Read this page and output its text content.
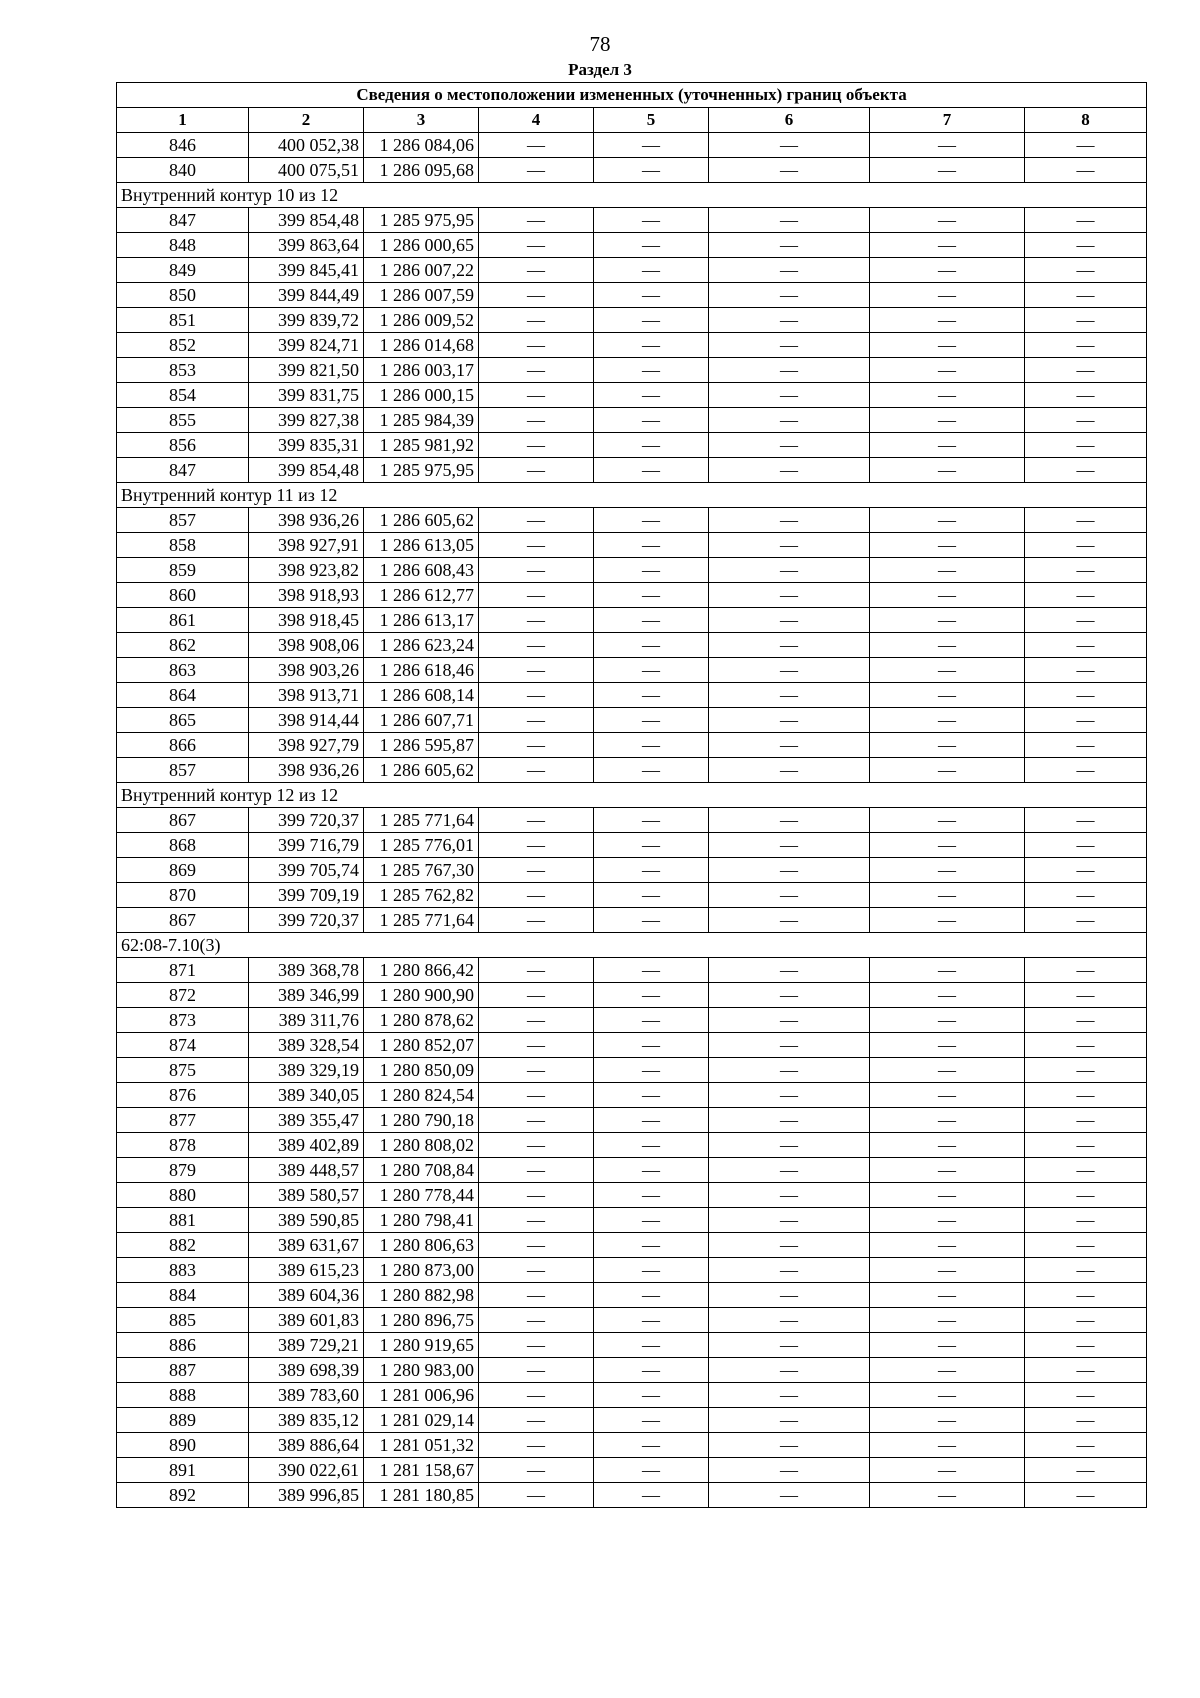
78
Раздел 3
Сведения о местоположении измененных (уточненных) границ объекта							
1	2	3	4	5	6	7	8
846	400 052,38	1 286 084,06	—	—	—	—	—
840	400 075,51	1 286 095,68	—	—	—	—	—
Внутренний контур 10 из 12							
847	399 854,48	1 285 975,95	—	—	—	—	—
848	399 863,64	1 286 000,65	—	—	—	—	—
849	399 845,41	1 286 007,22	—	—	—	—	—
850	399 844,49	1 286 007,59	—	—	—	—	—
851	399 839,72	1 286 009,52	—	—	—	—	—
852	399 824,71	1 286 014,68	—	—	—	—	—
853	399 821,50	1 286 003,17	—	—	—	—	—
854	399 831,75	1 286 000,15	—	—	—	—	—
855	399 827,38	1 285 984,39	—	—	—	—	—
856	399 835,31	1 285 981,92	—	—	—	—	—
847	399 854,48	1 285 975,95	—	—	—	—	—
Внутренний контур 11 из 12							
857	398 936,26	1 286 605,62	—	—	—	—	—
858	398 927,91	1 286 613,05	—	—	—	—	—
859	398 923,82	1 286 608,43	—	—	—	—	—
860	398 918,93	1 286 612,77	—	—	—	—	—
861	398 918,45	1 286 613,17	—	—	—	—	—
862	398 908,06	1 286 623,24	—	—	—	—	—
863	398 903,26	1 286 618,46	—	—	—	—	—
864	398 913,71	1 286 608,14	—	—	—	—	—
865	398 914,44	1 286 607,71	—	—	—	—	—
866	398 927,79	1 286 595,87	—	—	—	—	—
857	398 936,26	1 286 605,62	—	—	—	—	—
Внутренний контур 12 из 12							
867	399 720,37	1 285 771,64	—	—	—	—	—
868	399 716,79	1 285 776,01	—	—	—	—	—
869	399 705,74	1 285 767,30	—	—	—	—	—
870	399 709,19	1 285 762,82	—	—	—	—	—
867	399 720,37	1 285 771,64	—	—	—	—	—
62:08-7.10(3)							
871	389 368,78	1 280 866,42	—	—	—	—	—
872	389 346,99	1 280 900,90	—	—	—	—	—
873	389 311,76	1 280 878,62	—	—	—	—	—
874	389 328,54	1 280 852,07	—	—	—	—	—
875	389 329,19	1 280 850,09	—	—	—	—	—
876	389 340,05	1 280 824,54	—	—	—	—	—
877	389 355,47	1 280 790,18	—	—	—	—	—
878	389 402,89	1 280 808,02	—	—	—	—	—
879	389 448,57	1 280 708,84	—	—	—	—	—
880	389 580,57	1 280 778,44	—	—	—	—	—
881	389 590,85	1 280 798,41	—	—	—	—	—
882	389 631,67	1 280 806,63	—	—	—	—	—
883	389 615,23	1 280 873,00	—	—	—	—	—
884	389 604,36	1 280 882,98	—	—	—	—	—
885	389 601,83	1 280 896,75	—	—	—	—	—
886	389 729,21	1 280 919,65	—	—	—	—	—
887	389 698,39	1 280 983,00	—	—	—	—	—
888	389 783,60	1 281 006,96	—	—	—	—	—
889	389 835,12	1 281 029,14	—	—	—	—	—
890	389 886,64	1 281 051,32	—	—	—	—	—
891	390 022,61	1 281 158,67	—	—	—	—	—
892	389 996,85	1 281 180,85	—	—	—	—	—
